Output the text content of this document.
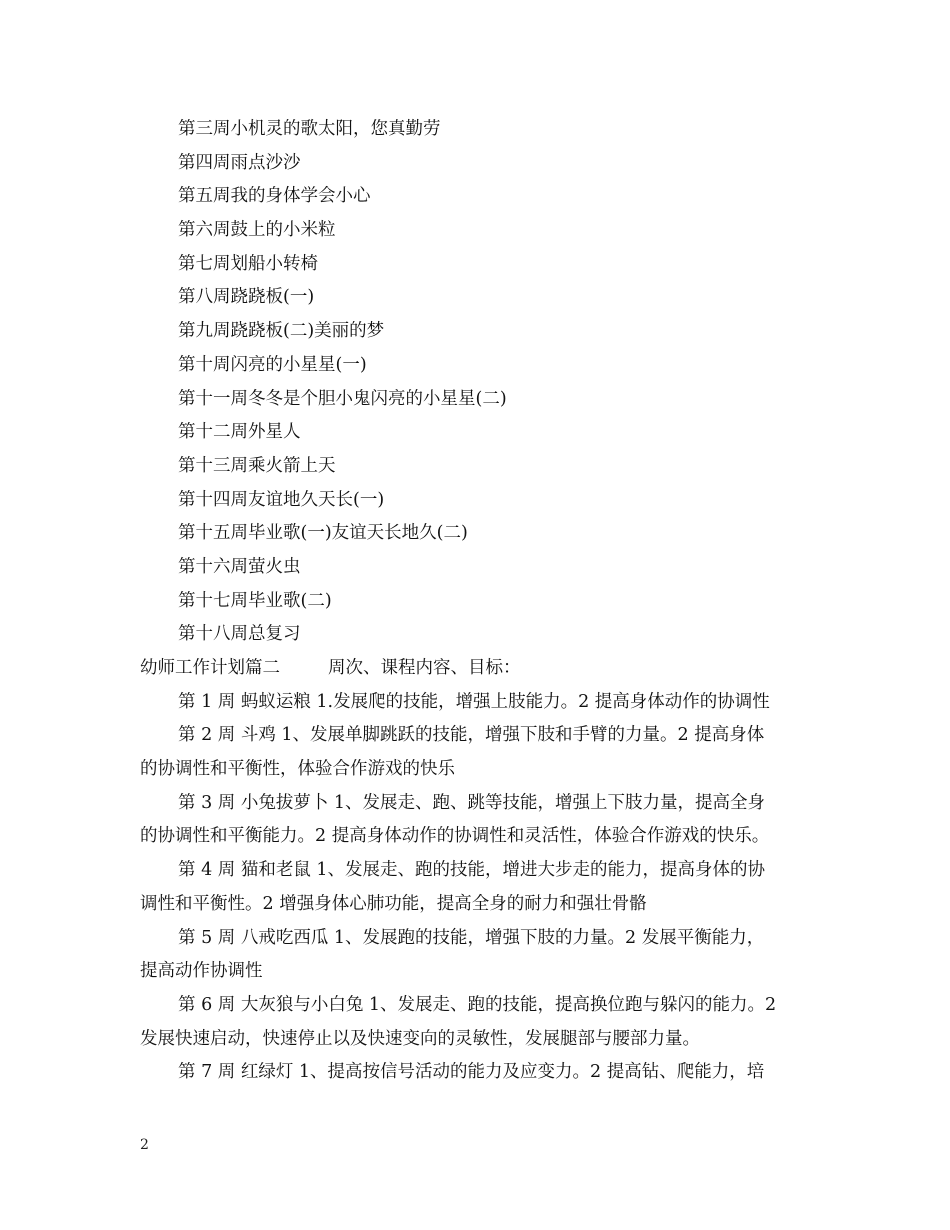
第三周小机灵的歌太阳，您真勤劳
第四周雨点沙沙
第五周我的身体学会小心
第六周鼓上的小米粒
第七周划船小转椅
第八周跷跷板(一)
第九周跷跷板(二)美丽的梦
第十周闪亮的小星星(一)
第十一周冬冬是个胆小鬼闪亮的小星星(二)
第十二周外星人
第十三周乘火箭上天
第十四周友谊地久天长(一)
第十五周毕业歌(一)友谊天长地久(二)
第十六周萤火虫
第十七周毕业歌(二)
第十八周总复习
幼师工作计划篇二	周次、课程内容、目标：
第 1 周 蚂蚁运粮 1.发展爬的技能，增强上肢能力。2 提高身体动作的协调性
第 2 周 斗鸡 1、发展单脚跳跃的技能，增强下肢和手臂的力量。2 提高身体
的协调性和平衡性，体验合作游戏的快乐
第 3 周 小兔拔萝卜 1、发展走、跑、跳等技能，增强上下肢力量，提高全身
的协调性和平衡能力。2 提高身体动作的协调性和灵活性，体验合作游戏的快乐。
第 4 周 猫和老鼠 1、发展走、跑的技能，增进大步走的能力，提高身体的协
调性和平衡性。2 增强身体心肺功能，提高全身的耐力和强壮骨骼
第 5 周 八戒吃西瓜 1、发展跑的技能，增强下肢的力量。2 发展平衡能力，
提高动作协调性
第 6 周 大灰狼与小白兔 1、发展走、跑的技能，提高换位跑与躲闪的能力。2
发展快速启动，快速停止以及快速变向的灵敏性，发展腿部与腰部力量。
第 7 周 红绿灯 1、提高按信号活动的能力及应变力。2 提高钻、爬能力，培
2
